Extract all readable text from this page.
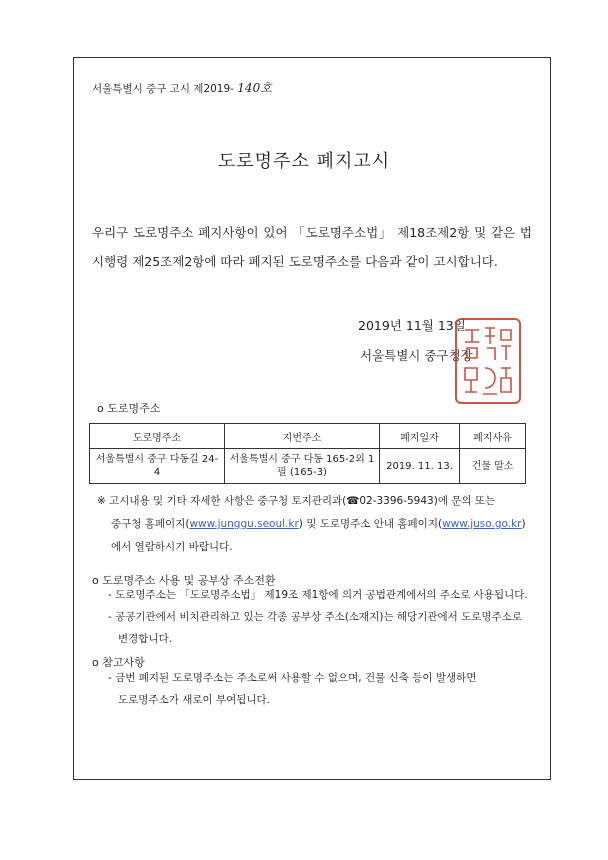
서울특별시 중구 고시 제2019- 140호
도로명주소 폐지고시

우리구 도로명주소 폐지사항이 있어 「도로명주소법」 제18조제2항 및 같은 법

시행령 제25조제2항에 따라 폐지된 도로명주소를 다음과 같이 고시합니다.

2019년 11월 13일
서울특별시 중구청장
o 도로명주소
도로명주소	지번주소	폐지일자	폐지사유
서울특별시 중구 다동길 24-4	서울특별시 중구 다동 165-2외 1필 (165-3)	2019. 11. 13.	건물 말소
※ 고시내용 및 기타 자세한 사항은 중구청 토지관리과(☎02-3396-5943)에 문의 또는
중구청 홈페이지(www.junggu.seoul.kr) 및 도로명주소 안내 홈페이지(www.juso.go.kr)
에서 열람하시기 바랍니다.
o 도로명주소 사용 및 공부상 주소전환
- 도로명주소는 「도로명주소법」 제19조 제1항에 의거 공법관계에서의 주소로 사용됩니다.
- 공공기관에서 비치관리하고 있는 각종 공부상 주소(소재지)는 해당기관에서 도로명주소로
변경합니다.
o 참고사항
- 금번 폐지된 도로명주소는 주소로써 사용할 수 없으며, 건물 신축 등이 발생하면
도로명주소가 새로이 부여됩니다.
